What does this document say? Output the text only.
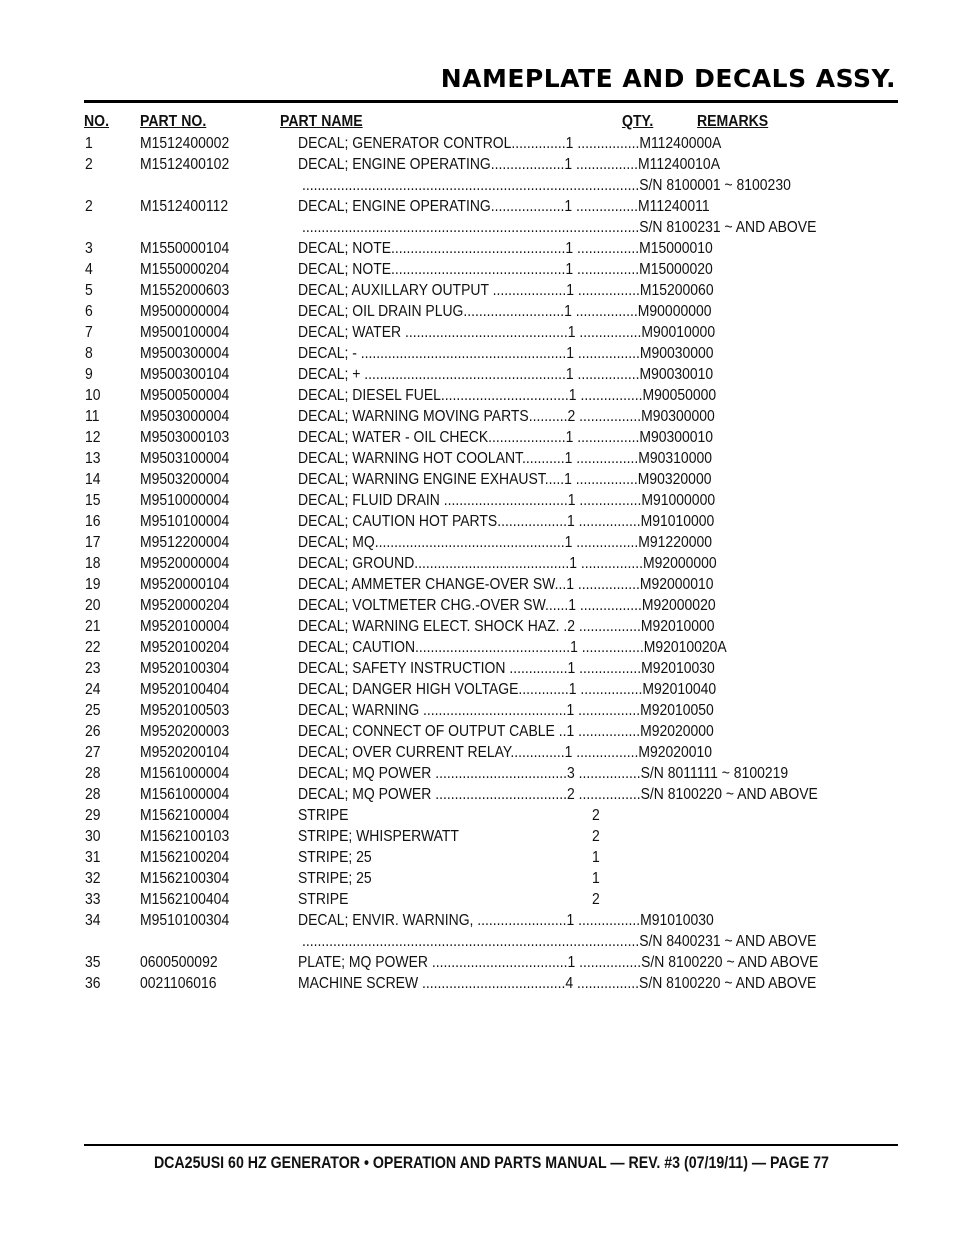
NAMEPLATE AND DECALS ASSY.
NO. PART NO.	PART NAME	QTY.	REMARKS
1	M1512400002	DECAL; GENERATOR CONTROL..............1 ................M11240000A
2	M1512400102	DECAL; ENGINE OPERATING...................1 ................M11240010A
.......................................................................................S/N 8100001 ~ 8100230
2	M1512400112	DECAL; ENGINE OPERATING...................1 ................M11240011
.......................................................................................S/N 8100231 ~ AND ABOVE
3	M1550000104	DECAL; NOTE.............................................1 ................M15000010
4	M1550000204	DECAL; NOTE.............................................1 ................M15000020
5	M1552000603	DECAL; AUXILLARY OUTPUT ...................1 ................M15200060
6	M9500000004	DECAL; OIL DRAIN PLUG..........................1 ................M90000000
7	M9500100004	DECAL; WATER ..........................................1 ................M90010000
8	M9500300004	DECAL; - .....................................................1 ................M90030000
9	M9500300104	DECAL; + ....................................................1 ................M90030010
10	M9500500004	DECAL; DIESEL FUEL.................................1 ................M90050000
11	M9503000004	DECAL; WARNING MOVING PARTS..........2 ................M90300000
12	M9503000103	DECAL; WATER - OIL CHECK....................1 ................M90300010
13	M9503100004	DECAL; WARNING HOT COOLANT...........1 ................M90310000
14	M9503200004	DECAL; WARNING ENGINE EXHAUST.....1 ................M90320000
15	M9510000004	DECAL; FLUID DRAIN ................................1 ................M91000000
16	M9510100004	DECAL; CAUTION HOT PARTS..................1 ................M91010000
17	M9512200004	DECAL; MQ.................................................1 ................M91220000
18	M9520000004	DECAL; GROUND........................................1 ................M92000000
19	M9520000104	DECAL; AMMETER CHANGE-OVER SW...1 ................M92000010
20	M9520000204	DECAL; VOLTMETER CHG.-OVER SW......1 ................M92000020
21	M9520100004	DECAL; WARNING ELECT. SHOCK HAZ. .2 ................M92010000
22	M9520100204	DECAL; CAUTION........................................1 ................M92010020A
23	M9520100304	DECAL; SAFETY INSTRUCTION ...............1 ................M92010030
24	M9520100404	DECAL; DANGER HIGH VOLTAGE.............1 ................M92010040
25	M9520100503	DECAL; WARNING .....................................1 ................M92010050
26	M9520200003	DECAL; CONNECT OF OUTPUT CABLE ..1 ................M92020000
27	M9520200104	DECAL; OVER CURRENT RELAY..............1 ................M92020010
28	M1561000004	DECAL; MQ POWER ..................................3 ................S/N 8011111 ~ 8100219
28	M1561000004	DECAL; MQ POWER ..................................2 ................S/N 8100220 ~ AND ABOVE
29	M1562100004	STRIPE	2
30	M1562100103	STRIPE; WHISPERWATT	2
31	M1562100204	STRIPE; 25	1
32	M1562100304	STRIPE; 25	1
33	M1562100404	STRIPE	2
34	M9510100304	DECAL; ENVIR. WARNING, .......................1 ................M91010030
.......................................................................................S/N 8400231 ~ AND ABOVE
35	0600500092	PLATE; MQ POWER ...................................1 ................S/N 8100220 ~ AND ABOVE
36	0021106016	MACHINE SCREW .....................................4 ................S/N 8100220 ~ AND ABOVE
DCA25USI 60 HZ GENERATOR • OPERATION AND PARTS MANUAL — REV. #3 (07/19/11) — PAGE 77
